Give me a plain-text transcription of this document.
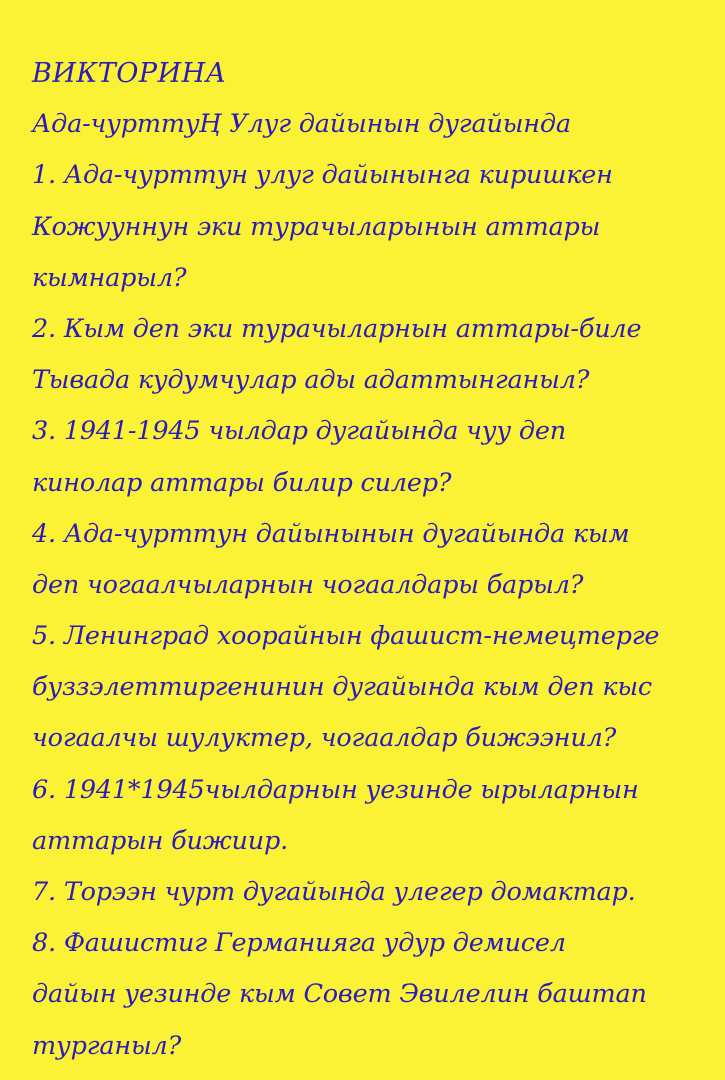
ВИКТОРИНА
Ада-чурттуҢ Улуг дайынын дугайында
1. Ада-чурттун улуг дайынынга киришкен
Кожууннун эки турачыларынын аттары
кымнарыл?
2. Кым деп эки турачыларнын аттары-биле
Тывада кудумчулар ады адаттынганыл?
3. 1941-1945 чылдар дугайында чуу деп
кинолар аттары билир силер?
4. Ада-чурттун дайынынын дугайында кым
деп чогаалчыларнын чогаалдары барыл?
5. Ленинград хоорайнын фашист-немецтерге
буззэлеттиргенинин дугайында кым деп кыс
чогаалчы шулуктер, чогаалдар бижээнил?
6. 1941*1945чылдарнын уезинде ырыларнын
аттарын бижиир.
7. Торээн чурт дугайында улегер домактар.
8. Фашистиг Германияга удур демисел
дайын уезинде кым Совет Эвилелин баштап
турганыл?
